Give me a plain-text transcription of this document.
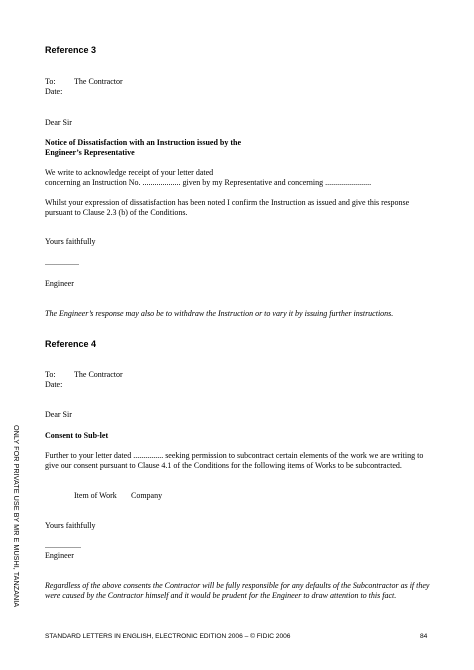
Reference 3
To: The Contractor
Date:
Dear Sir
Notice of Dissatisfaction with an Instruction issued by the
Engineer’s Representative
We write to acknowledge receipt of your letter dated
concerning an Instruction No. ................... given by my Representative and concerning .......................
Whilst your expression of dissatisfaction has been noted I confirm the Instruction as issued and give this response pursuant to Clause 2.3 (b) of the Conditions.
Yours faithfully
.................
Engineer
The Engineer’s response may also be to withdraw the Instruction or to vary it by issuing further instructions.
Reference 4
To: The Contractor
Date:
Dear Sir
Consent to Sub-let
Further to your letter dated ............... seeking permission to subcontract certain elements of the work we are writing to give our consent pursuant to Clause 4.1 of the Conditions for the following items of Works to be subcontracted.
Item of Work Company
Yours faithfully
..................
Engineer
Regardless of the above consents the Contractor will be fully responsible for any defaults of the Subcontractor as if they were caused by the Contractor himself and it would be prudent for the Engineer to draw attention to this fact.
ONLY FOR PRIVATE USE BY MR E MUSHI, TANZANIA
STANDARD LETTERS IN ENGLISH, ELECTRONIC EDITION 2006 – © FIDIC 2006	84
